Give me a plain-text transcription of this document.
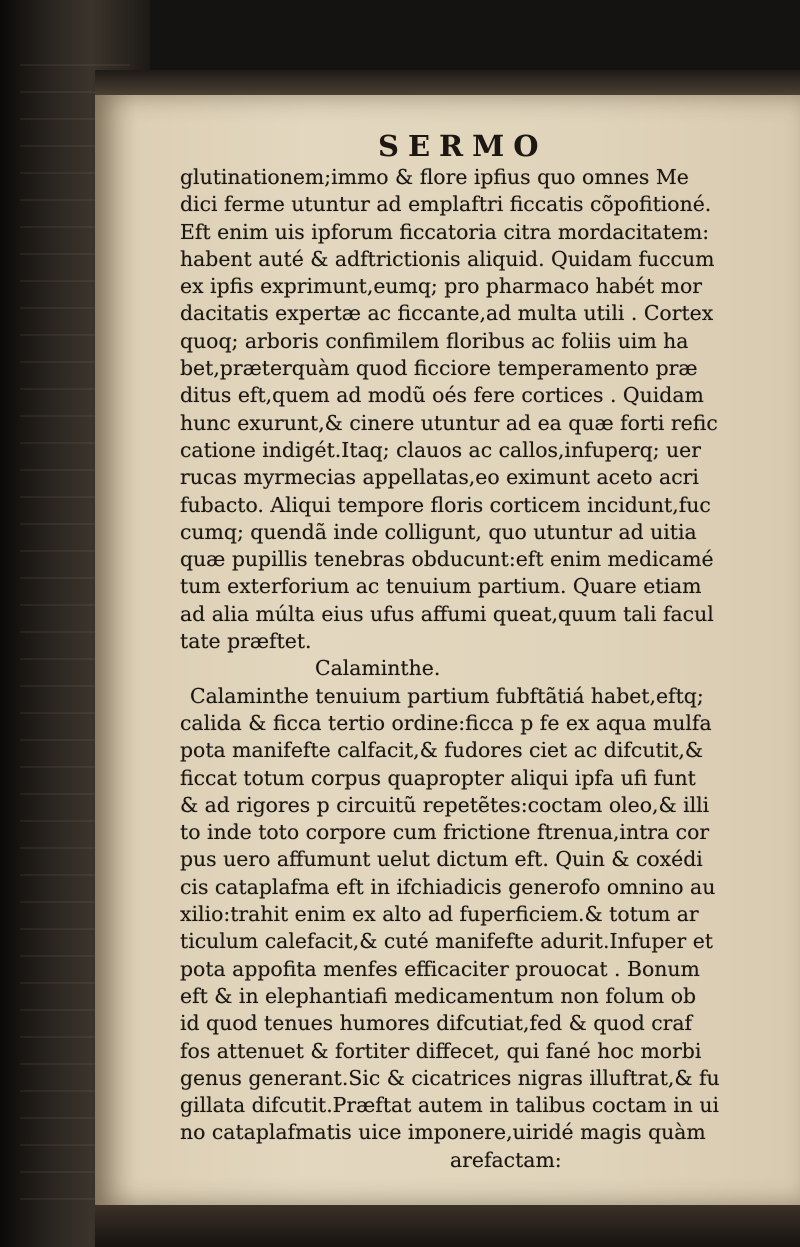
SERMO
glutinationem;immo & flore ipfius quo omnes Me
dici ferme utuntur ad emplaftri ficcatis cõpofitioné.
Eft enim uis ipforum ficcatoria citra mordacitatem:
habent auté & adftrictionis aliquid. Quidam fuccum
ex ipfis exprimunt,eumq; pro pharmaco habét mor
dacitatis expertæ ac ficcante,ad multa utili . Cortex
quoq; arboris confimilem floribus ac foliis uim ha
bet,præterquàm quod ficciore temperamento præ
ditus eft,quem ad modũ oés fere cortices . Quidam
hunc exurunt,& cinere utuntur ad ea quæ forti refic
catione indigét.Itaq; clauos ac callos,infuperq; uer
rucas myrmecias appellatas,eo eximunt aceto acri
fubacto. Aliqui tempore floris corticem incidunt,fuc
cumq; quendã inde colligunt, quo utuntur ad uitia
quæ pupillis tenebras obducunt:eft enim medicamé
tum exterforium ac tenuium partium. Quare etiam
ad alia múlta eius ufus affumi queat,quum tali facul
tate præftet.
Calaminthe.
Calaminthe tenuium partium fubftãtiá habet,eftq;
calida & ficca tertio ordine:ficca p fe ex aqua mulfa
pota manifefte calfacit,& fudores ciet ac difcutit,&
ficcat totum corpus quapropter aliqui ipfa ufi funt
& ad rigores p circuitũ repetẽtes:coctam oleo,& illi
to inde toto corpore cum frictione ftrenua,intra cor
pus uero affumunt uelut dictum eft. Quin & coxédi
cis cataplafma eft in ifchiadicis generofo omnino au
xilio:trahit enim ex alto ad fuperficiem.& totum ar
ticulum calefacit,& cuté manifefte adurit.Infuper et
pota appofita menfes efficaciter prouocat . Bonum
eft & in elephantiafi medicamentum non folum ob
id quod tenues humores difcutiat,fed & quod craf
fos attenuet & fortiter diffecet, qui fané hoc morbi
genus generant.Sic & cicatrices nigras illuftrat,& fu
gillata difcutit.Præftat autem in talibus coctam in ui
no cataplafmatis uice imponere,uiridé magis quàm
arefactam:
